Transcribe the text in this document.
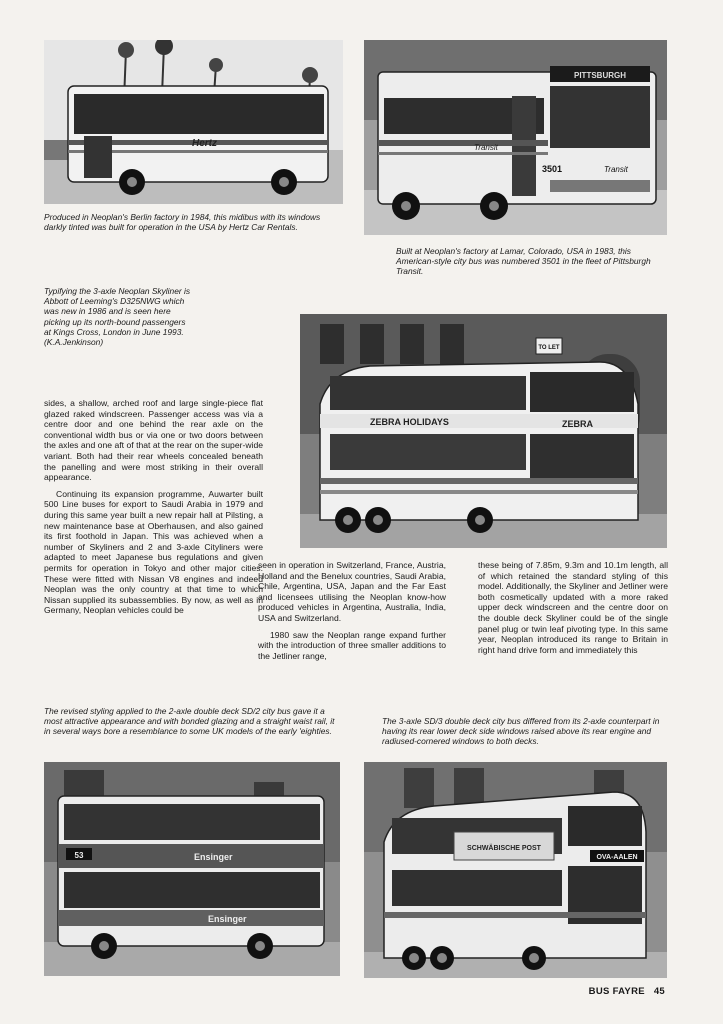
Hertz
PITTSBURGH
Transit
3501	Transit

Produced in Neoplan's Berlin factory in 1984, this midibus with its windows darkly tinted was built for operation in the USA by Hertz Car Rentals.

Built at Neoplan's factory at Lamar, Colorado, USA in 1983, this American-style city bus was numbered 3501 in the fleet of Pittsburgh Transit.

Typifying the 3-axle Neoplan Skyliner is Abbott of Leeming's D325NWG which was new in 1986 and is seen here picking up its north-bound passengers at Kings Cross, London in June 1993. (K.A.Jenkinson)

TO LET
ZEBRA HOLIDAYS	ZEBRA

sides, a shallow, arched roof and large single-piece flat glazed raked windscreen. Passenger access was via a centre door and one behind the rear axle on the conventional width bus or via one or two doors between the axles and one aft of that at the rear on the super-wide variant. Both had their rear wheels concealed beneath the panelling and were most striking in their overall appearance.

Continuing its expansion programme, Auwarter built 500 Line buses for export to Saudi Arabia in 1979 and during this same year built a new repair hall at Pilsting, a new maintenance base at Oberhausen, and also gained its first foothold in Japan. This was achieved when a number of Skyliners and 2 and 3-axle Cityliners were adapted to meet Japanese bus regulations and given permits for operation in Tokyo and other major cities. These were fitted with Nissan V8 engines and indeed Neoplan was the only country at that time to which Nissan supplied its subassemblies. By now, as well as in Germany, Neoplan vehicles could be

seen in operation in Switzerland, France, Austria, Holland and the Benelux countries, Saudi Arabia, Chile, Argentina, USA, Japan and the Far East and licensees utilising the Neoplan know-how produced vehicles in Argentina, Australia, India, USA and Switzerland.

1980 saw the Neoplan range expand further with the introduction of three smaller additions to the Jetliner range,

these being of 7.85m, 9.3m and 10.1m length, all of which retained the standard styling of this model. Additionally, the Skyliner and Jetliner were both cosmetically updated with a more raked upper deck windscreen and the centre door on the double deck Skyliner could be of the single panel plug or twin leaf pivoting type. In this same year, Neoplan introduced its range to Britain in right hand drive form and immediately this

The revised styling applied to the 2-axle double deck SD/2 city bus gave it a most attractive appearance and with bonded glazing and a straight waist rail, it in several ways bore a resemblance to some UK models of the early 'eighties.

The 3-axle SD/3 double deck city bus differed from its 2-axle counterpart in having its rear lower deck side windows raised above its rear engine and radiused-cornered windows to both decks.

53	Ensinger
Ensinger
SCHWÄBISCHE POST
OVA-AALEN
BUS FAYRE 45
